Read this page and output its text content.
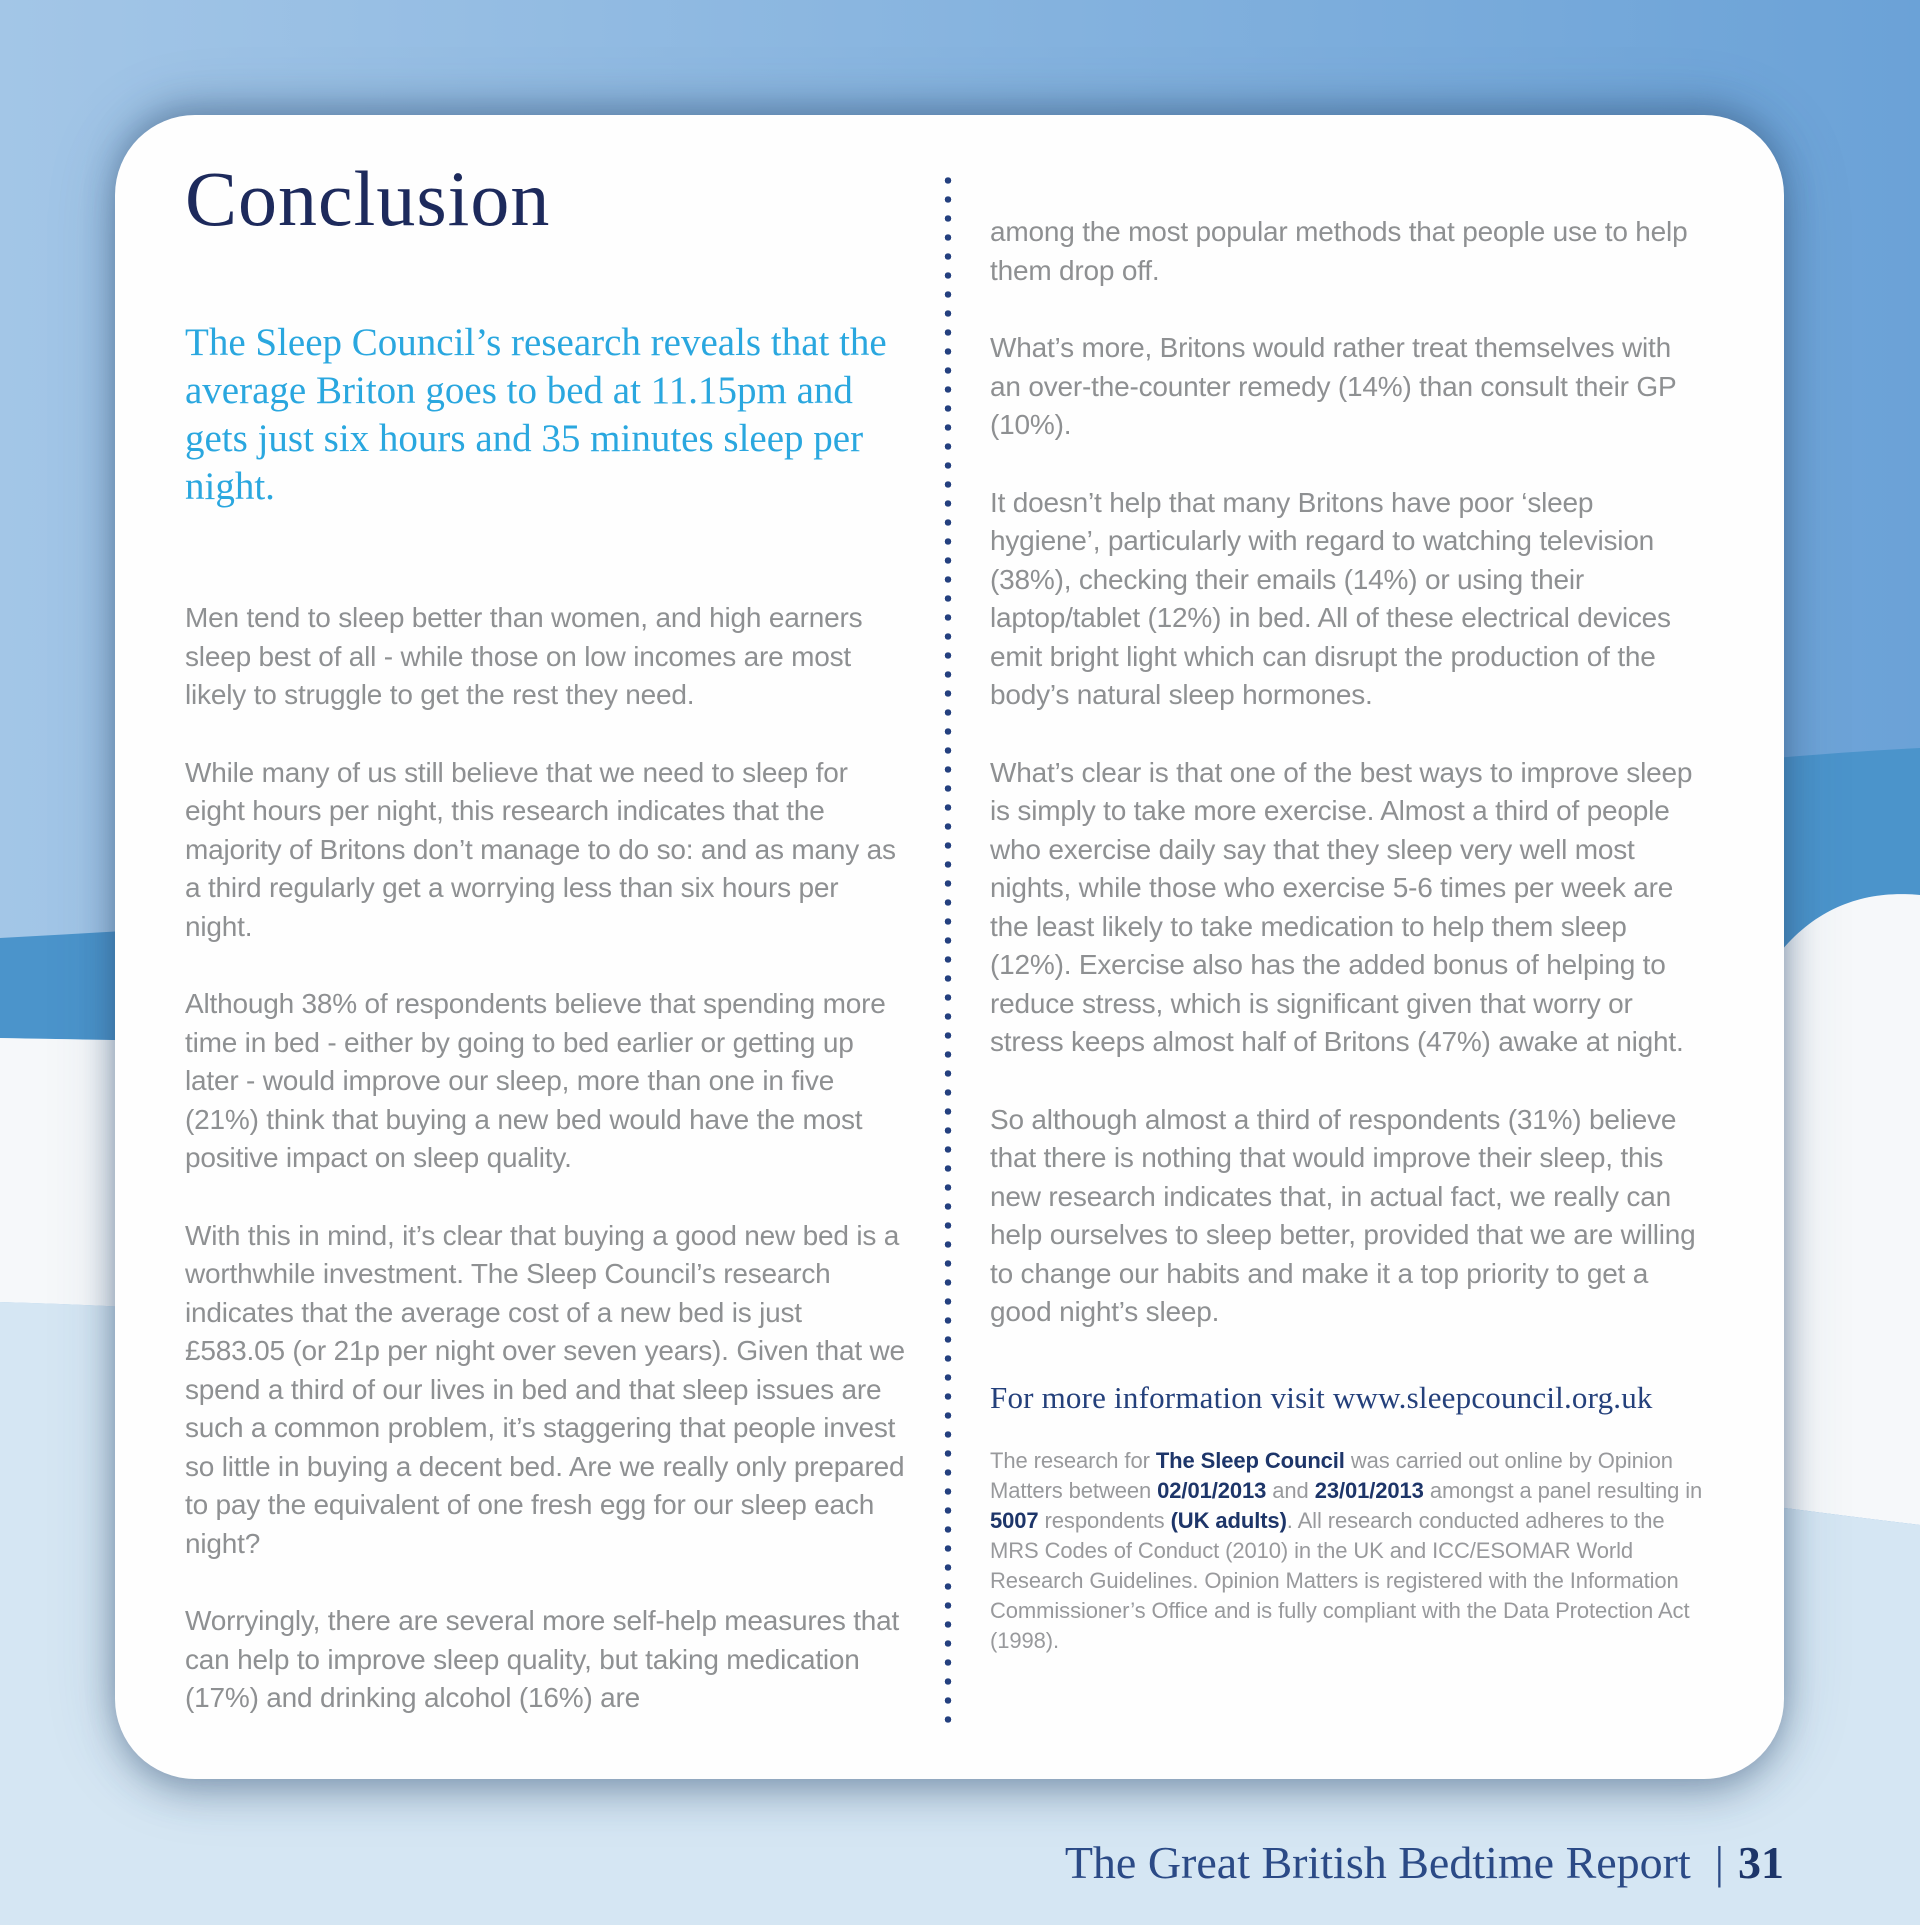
Conclusion

The Sleep Council’s research reveals that the average Briton goes to bed at 11.15pm and gets just six hours and 35 minutes sleep per night.

Men tend to sleep better than women, and high earners sleep best of all - while those on low incomes are most likely to struggle to get the rest they need.

While many of us still believe that we need to sleep for eight hours per night, this research indicates that the majority of Britons don’t manage to do so: and as many as a third regularly get a worrying less than six hours per night.

Although 38% of respondents believe that spending more time in bed - either by going to bed earlier or getting up later - would improve our sleep, more than one in five (21%) think that buying a new bed would have the most positive impact on sleep quality.

With this in mind, it’s clear that buying a good new bed is a worthwhile investment. The Sleep Council’s research indicates that the average cost of a new bed is just £583.05 (or 21p per night over seven years). Given that we spend a third of our lives in bed and that sleep issues are such a common problem, it’s staggering that people invest so little in buying a decent bed. Are we really only prepared to pay the equivalent of one fresh egg for our sleep each night?

Worryingly, there are several more self-help measures that can help to improve sleep quality, but taking medication (17%) and drinking alcohol (16%) are

among the most popular methods that people use to help them drop off.

What’s more, Britons would rather treat themselves with an over-the-counter remedy (14%) than consult their GP (10%).

It doesn’t help that many Britons have poor ‘sleep hygiene’, particularly with regard to watching television (38%), checking their emails (14%) or using their laptop/tablet (12%) in bed. All of these electrical devices emit bright light which can disrupt the production of the body’s natural sleep hormones.

What’s clear is that one of the best ways to improve sleep is simply to take more exercise. Almost a third of people who exercise daily say that they sleep very well most nights, while those who exercise 5-6 times per week are the least likely to take medication to help them sleep (12%). Exercise also has the added bonus of helping to reduce stress, which is significant given that worry or stress keeps almost half of Britons (47%) awake at night.

So although almost a third of respondents (31%) believe that there is nothing that would improve their sleep, this new research indicates that, in actual fact, we really can help ourselves to sleep better, provided that we are willing to change our habits and make it a top priority to get a good night’s sleep.

For more information visit www.sleepcouncil.org.uk

The research for The Sleep Council was carried out online by Opinion Matters between 02/01/2013 and 23/01/2013 amongst a panel resulting in 5007 respondents (UK adults). All research conducted adheres to the MRS Codes of Conduct (2010) in the UK and ICC/ESOMAR World Research Guidelines. Opinion Matters is registered with the Information Commissioner’s Office and is fully compliant with the Data Protection Act (1998).

The Great British Bedtime Report | 31
